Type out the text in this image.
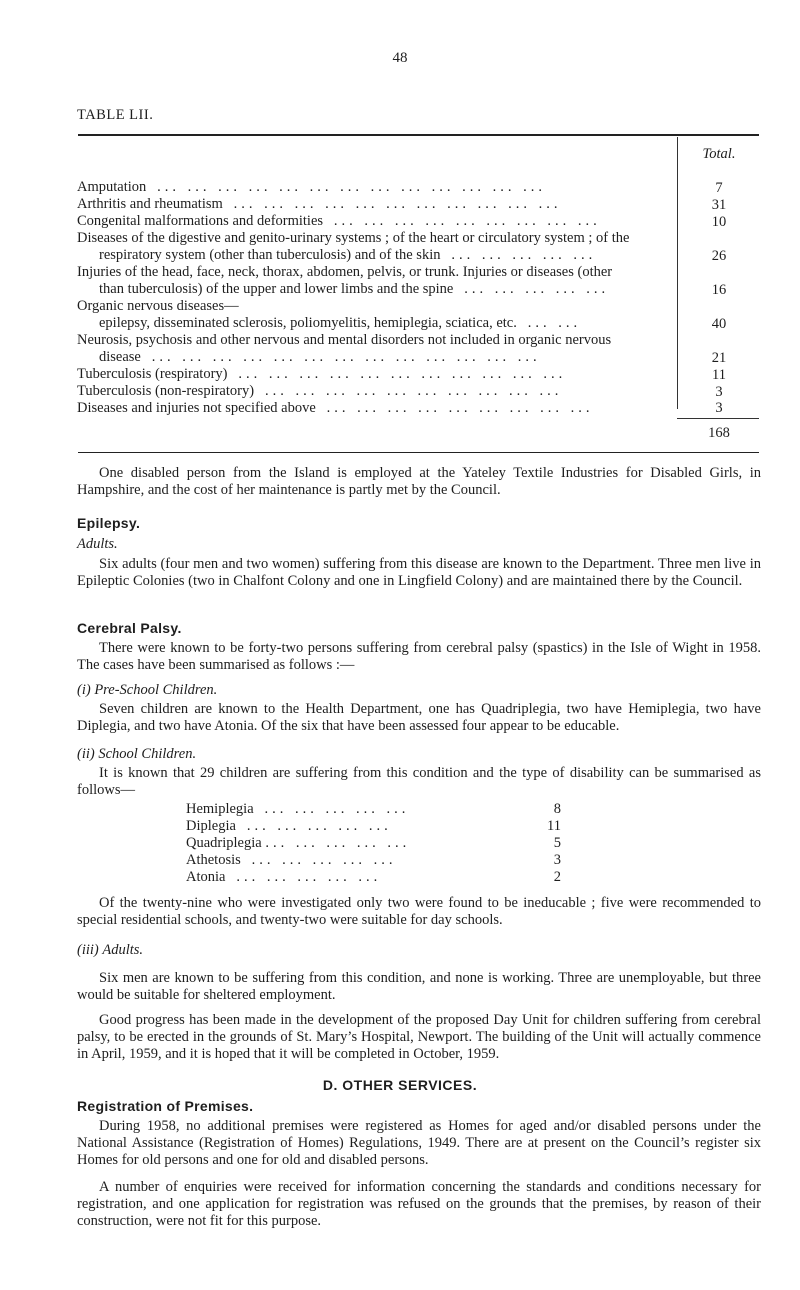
48
TABLE LII.
Total.
Amputation ... ... ... ... ... ... ... ... ... ... ... ... ...	7
Arthritis and rheumatism ... ... ... ... ... ... ... ... ... ... ...	31
Congenital malformations and deformities ... ... ... ... ... ... ... ... ...	10
Diseases of the digestive and genito-urinary systems ; of the heart or circulatory system ; of the
respiratory system (other than tuberculosis) and of the skin ... ... ... ... ...	26
Injuries of the head, face, neck, thorax, abdomen, pelvis, or trunk. Injuries or diseases (other
than tuberculosis) of the upper and lower limbs and the spine ... ... ... ... ...	16
Organic nervous diseases—
epilepsy, disseminated sclerosis, poliomyelitis, hemiplegia, sciatica, etc. ... ...	40
Neurosis, psychosis and other nervous and mental disorders not included in organic nervous
disease ... ... ... ... ... ... ... ... ... ... ... ... ...	21
Tuberculosis (respiratory) ... ... ... ... ... ... ... ... ... ... ...	11
Tuberculosis (non-respiratory) ... ... ... ... ... ... ... ... ... ...	3
Diseases and injuries not specified above ... ... ... ... ... ... ... ... ...	3
168
One disabled person from the Island is employed at the Yateley Textile Industries for Disabled Girls, in Hampshire, and the cost of her maintenance is partly met by the Council.
Epilepsy.
Adults.
Six adults (four men and two women) suffering from this disease are known to the Department. Three men live in Epileptic Colonies (two in Chalfont Colony and one in Lingfield Colony) and are maintained there by the Council.
Cerebral Palsy.
There were known to be forty-two persons suffering from cerebral palsy (spastics) in the Isle of Wight in 1958. The cases have been summarised as follows :—
(i) Pre-School Children.
Seven children are known to the Health Department, one has Quadriplegia, two have Hemiplegia, two have Diplegia, and two have Atonia. Of the six that have been assessed four appear to be educable.
(ii) School Children.
It is known that 29 children are suffering from this condition and the type of disability can be summarised as follows—
Hemiplegia ... ... ... ... ...	8
Diplegia ... ... ... ... ...	11
Quadriplegia ... ... ... ... ...	5
Athetosis ... ... ... ... ...	3
Atonia ... ... ... ... ...	2
Of the twenty-nine who were investigated only two were found to be ineducable ; five were recommended to special residential schools, and twenty-two were suitable for day schools.
(iii) Adults.
Six men are known to be suffering from this condition, and none is working. Three are unemployable, but three would be suitable for sheltered employment.
Good progress has been made in the development of the proposed Day Unit for children suffering from cerebral palsy, to be erected in the grounds of St. Mary’s Hospital, Newport. The building of the Unit will actually commence in April, 1959, and it is hoped that it will be completed in October, 1959.
D. OTHER SERVICES.
Registration of Premises.
During 1958, no additional premises were registered as Homes for aged and/or disabled persons under the National Assistance (Registration of Homes) Regulations, 1949. There are at present on the Council’s register six Homes for old persons and one for old and disabled persons.
A number of enquiries were received for information concerning the standards and conditions necessary for registration, and one application for registration was refused on the grounds that the premises, by reason of their construction, were not fit for this purpose.
